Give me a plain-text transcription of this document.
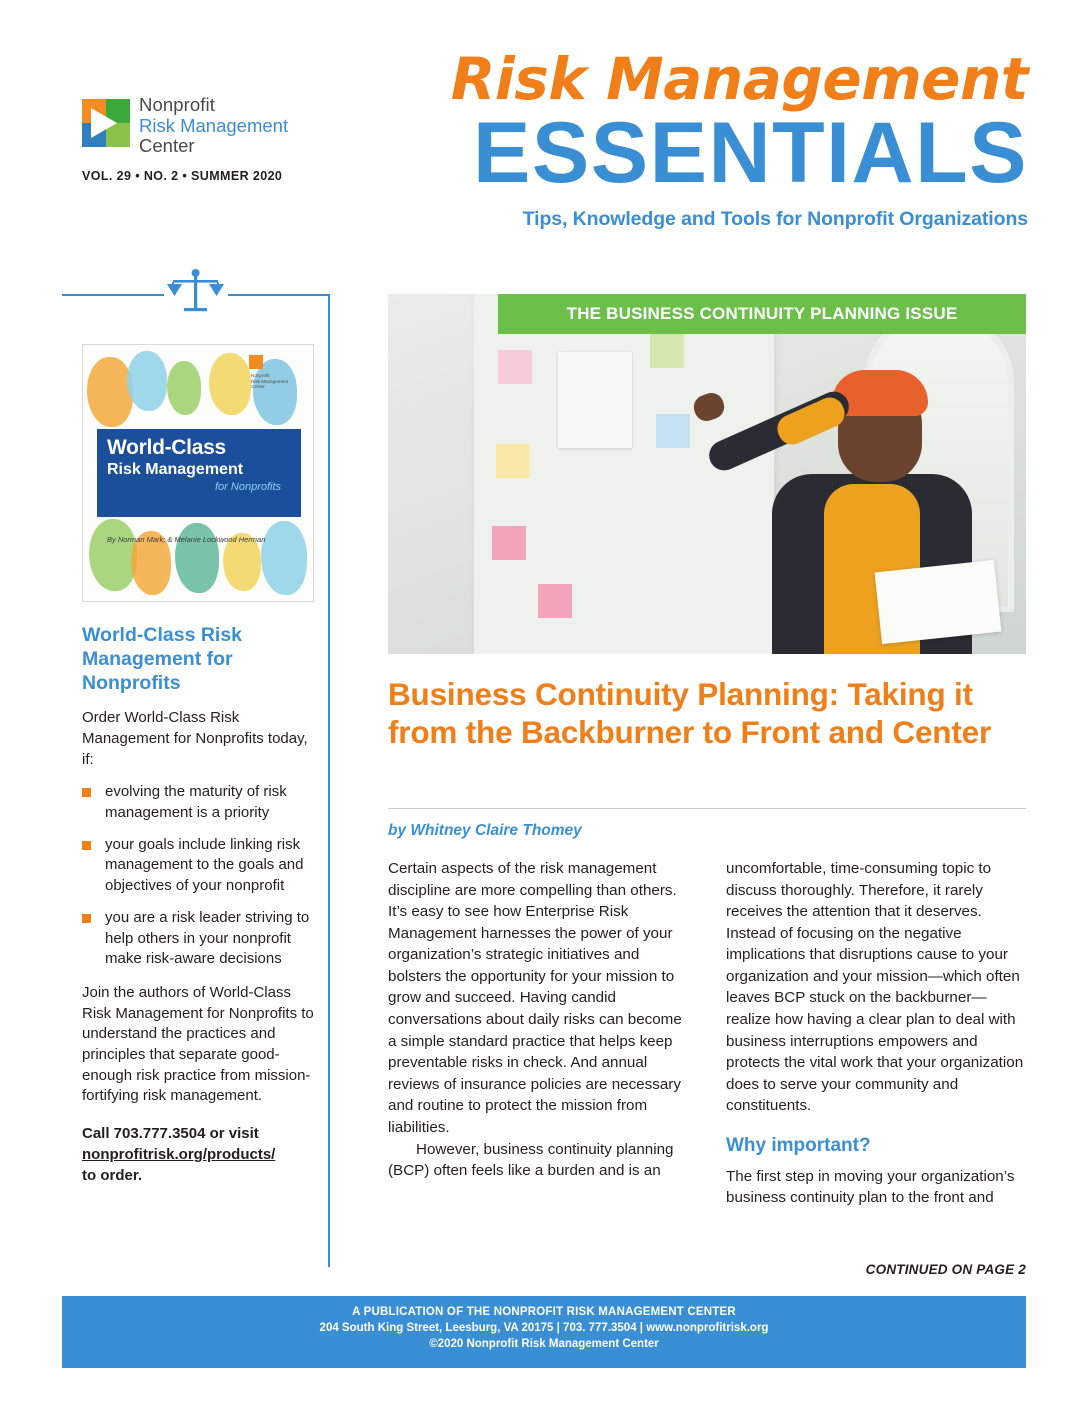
Nonprofit
Risk Management
Center
VOL. 29 • NO. 2 • SUMMER 2020
Risk Management
ESSENTIALS
Tips, Knowledge and Tools for Nonprofit Organizations
Nonprofit
Risk Management
Center
World-Class
Risk Management
for Nonprofits
By Norman Mark; & Melanie Lockwood Herman
World-Class Risk Management for Nonprofits
Order World-Class Risk Management for Nonprofits today, if:
evolving the maturity of risk management is a priority
your goals include linking risk management to the goals and objectives of your nonprofit
you are a risk leader striving to help others in your nonprofit make risk-aware decisions
Join the authors of World-Class Risk Management for Nonprofits to understand the practices and principles that separate good-enough risk practice from mission-fortifying risk management.
Call 703.777.3504 or visit
nonprofitrisk.org/products/
to order.
THE BUSINESS CONTINUITY PLANNING ISSUE
Business Continuity Planning: Taking it from the Backburner to Front and Center
by Whitney Claire Thomey

Certain aspects of the risk management discipline are more compelling than others. It’s easy to see how Enterprise Risk Management harnesses the power of your organization’s strategic initiatives and bolsters the opportunity for your mission to grow and succeed. Having candid conversations about daily risks can become a simple standard practice that helps keep preventable risks in check. And annual reviews of insurance policies are necessary and routine to protect the mission from liabilities.

However, business continuity planning (BCP) often feels like a burden and is an

uncomfortable, time-consuming topic to discuss thoroughly. Therefore, it rarely receives the attention that it deserves. Instead of focusing on the negative implications that disruptions cause to your organization and your mission—which often leaves BCP stuck on the backburner—realize how having a clear plan to deal with business interruptions empowers and protects the vital work that your organization does to serve your community and constituents.

Why important?

The first step in moving your organization’s business continuity plan to the front and

CONTINUED ON PAGE 2
A PUBLICATION OF THE NONPROFIT RISK MANAGEMENT CENTER
204 South King Street, Leesburg, VA 20175 | 703. 777.3504 | www.nonprofitrisk.org
©2020 Nonprofit Risk Management Center
